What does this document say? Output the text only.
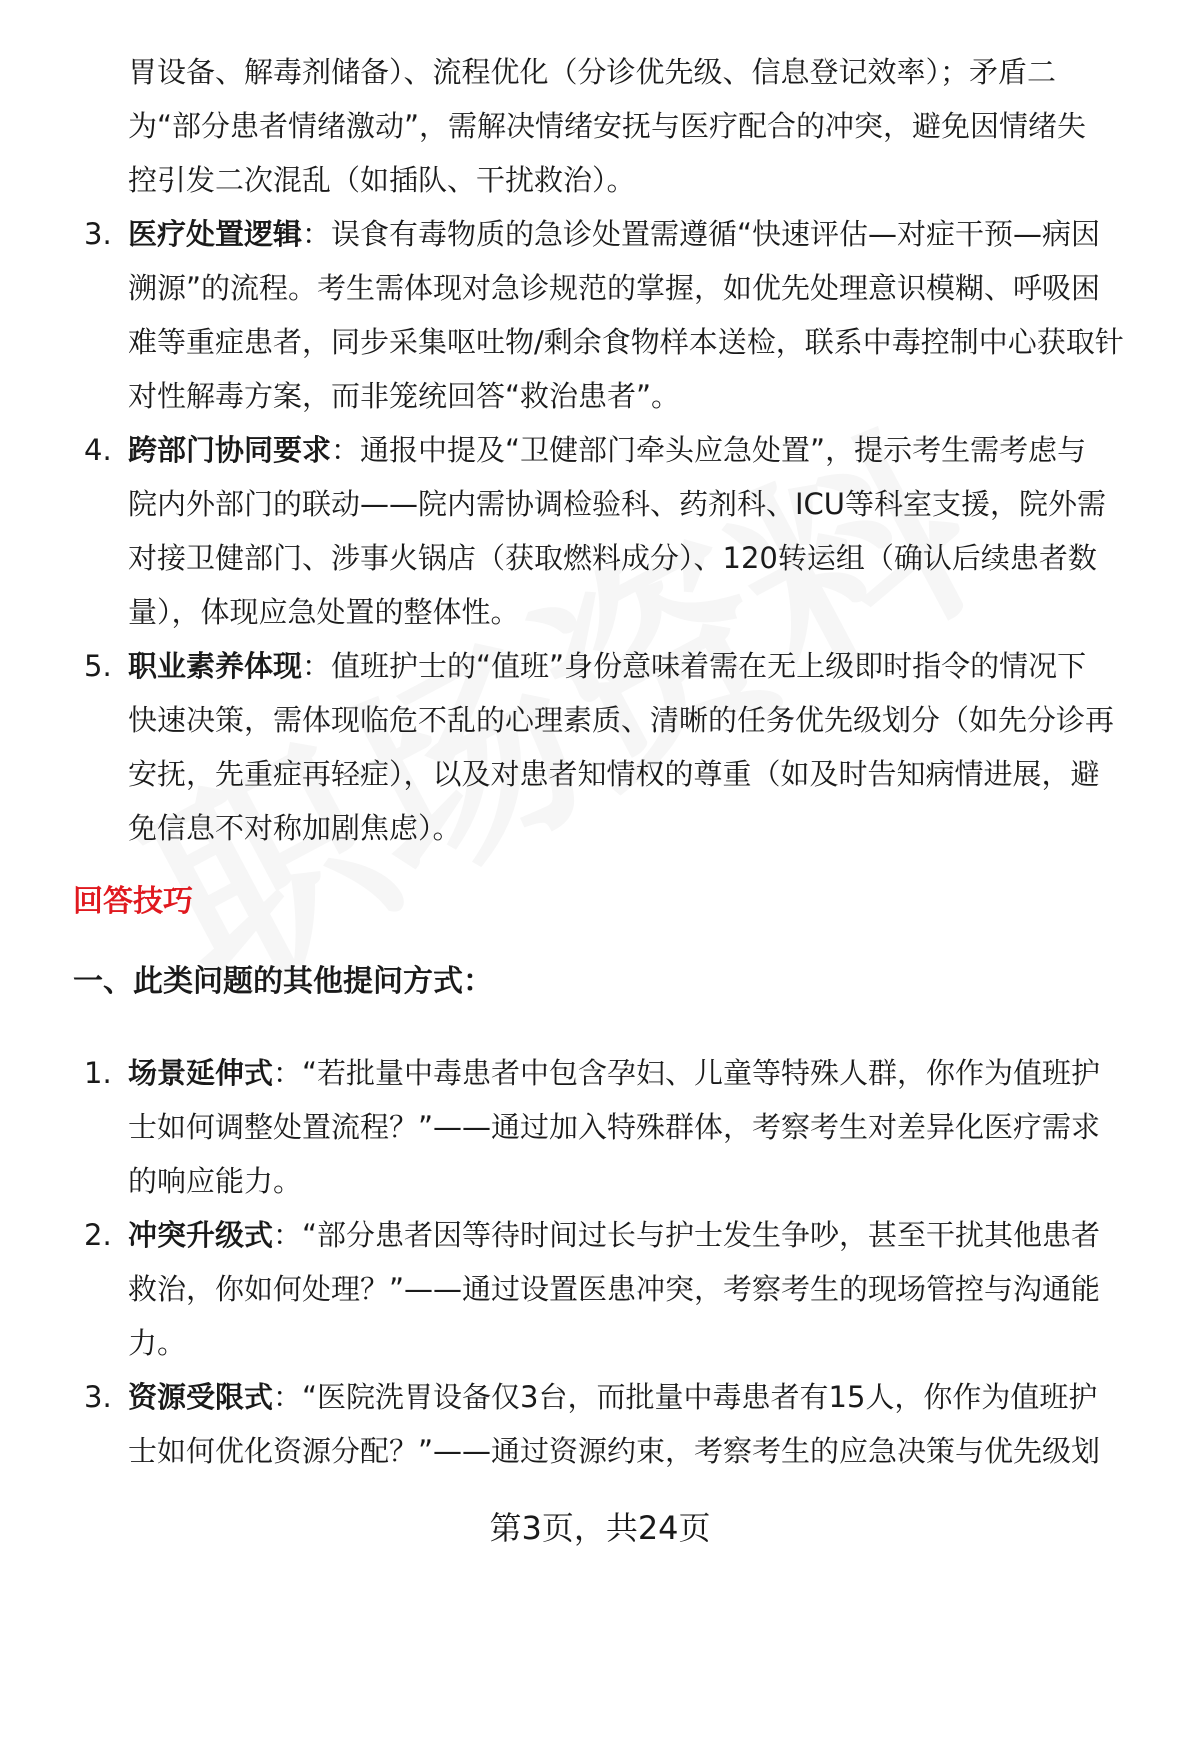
胃设备、解毒剂储备）、流程优化（分诊优先级、信息登记效率）；矛盾二
为“部分患者情绪激动”，需解决情绪安抚与医疗配合的冲突，避免因情绪失
控引发二次混乱（如插队、干扰救治）。
3. 医疗处置逻辑：误食有毒物质的急诊处置需遵循“快速评估—对症干预—病因
溯源”的流程。考生需体现对急诊规范的掌握，如优先处理意识模糊、呼吸困
难等重症患者，同步采集呕吐物/剩余食物样本送检，联系中毒控制中心获取针
对性解毒方案，而非笼统回答“救治患者”。
4. 跨部门协同要求：通报中提及“卫健部门牵头应急处置”，提示考生需考虑与
院内外部门的联动——院内需协调检验科、药剂科、ICU等科室支援，院外需
对接卫健部门、涉事火锅店（获取燃料成分）、120转运组（确认后续患者数
量），体现应急处置的整体性。
5. 职业素养体现：值班护士的“值班”身份意味着需在无上级即时指令的情况下
快速决策，需体现临危不乱的心理素质、清晰的任务优先级划分（如先分诊再
安抚，先重症再轻症），以及对患者知情权的尊重（如及时告知病情进展，避
免信息不对称加剧焦虑）。
回答技巧
一、此类问题的其他提问方式：
1. 场景延伸式：“若批量中毒患者中包含孕妇、儿童等特殊人群，你作为值班护
士如何调整处置流程？”——通过加入特殊群体，考察考生对差异化医疗需求
的响应能力。
2. 冲突升级式：“部分患者因等待时间过长与护士发生争吵，甚至干扰其他患者
救治，你如何处理？”——通过设置医患冲突，考察考生的现场管控与沟通能
力。
3. 资源受限式：“医院洗胃设备仅3台，而批量中毒患者有15人，你作为值班护
士如何优化资源分配？”——通过资源约束，考察考生的应急决策与优先级划
第3页，共24页
